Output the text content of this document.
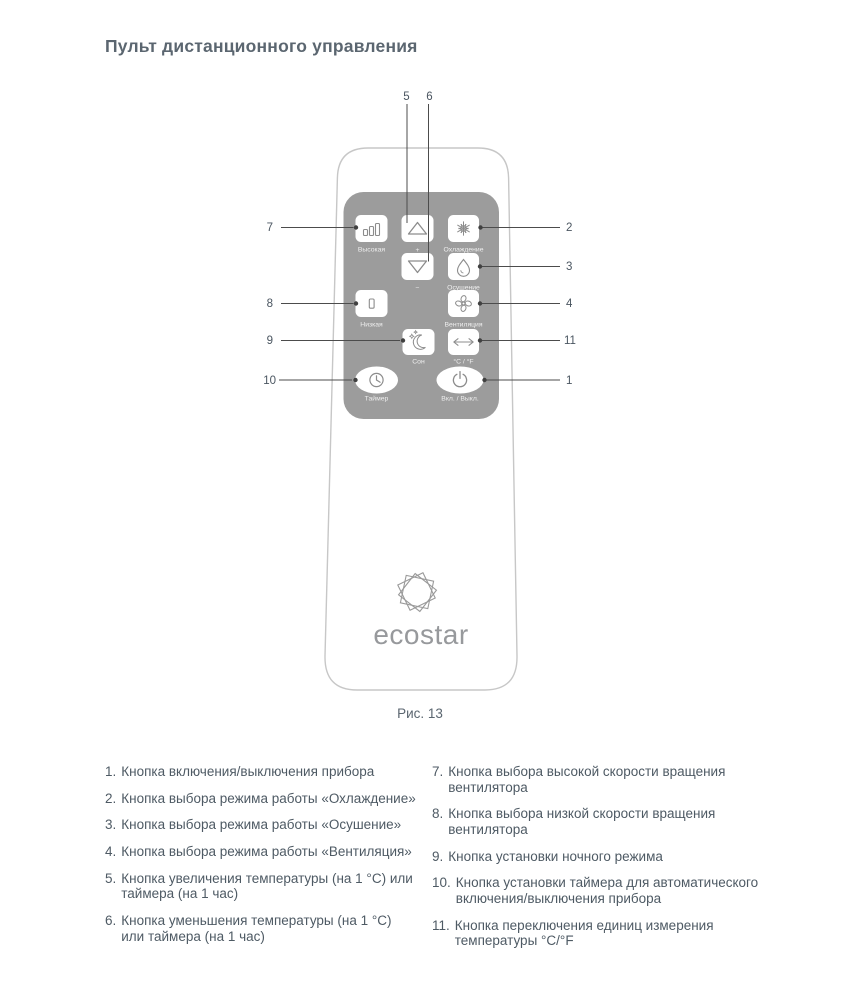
Пульт дистанционного управления
Высокая	+	Охлаждение
−	Осушение
Низкая	Вентиляция
Сон	°C / °F
Таймер	Вкл. / Выкл.
5 6
7
8
9
10
2
3
4
11
1
ecostar
Рис. 13
1. Кнопка включения/выключения прибора
2. Кнопка выбора режима работы «Охлаждение»
3. Кнопка выбора режима работы «Осушение»
4. Кнопка выбора режима работы «Вентиляция»
5. Кнопка увеличения температуры (на 1 °C) или таймера (на 1 час)
6. Кнопка уменьшения температуры (на 1 °C) или таймера (на 1 час)
7. Кнопка выбора высокой скорости вращения вентилятора
8. Кнопка выбора низкой скорости вращения вентилятора
9. Кнопка установки ночного режима
10. Кнопка установки таймера для автоматического включения/выключения прибора
11. Кнопка переключения единиц измерения температуры °C/°F
